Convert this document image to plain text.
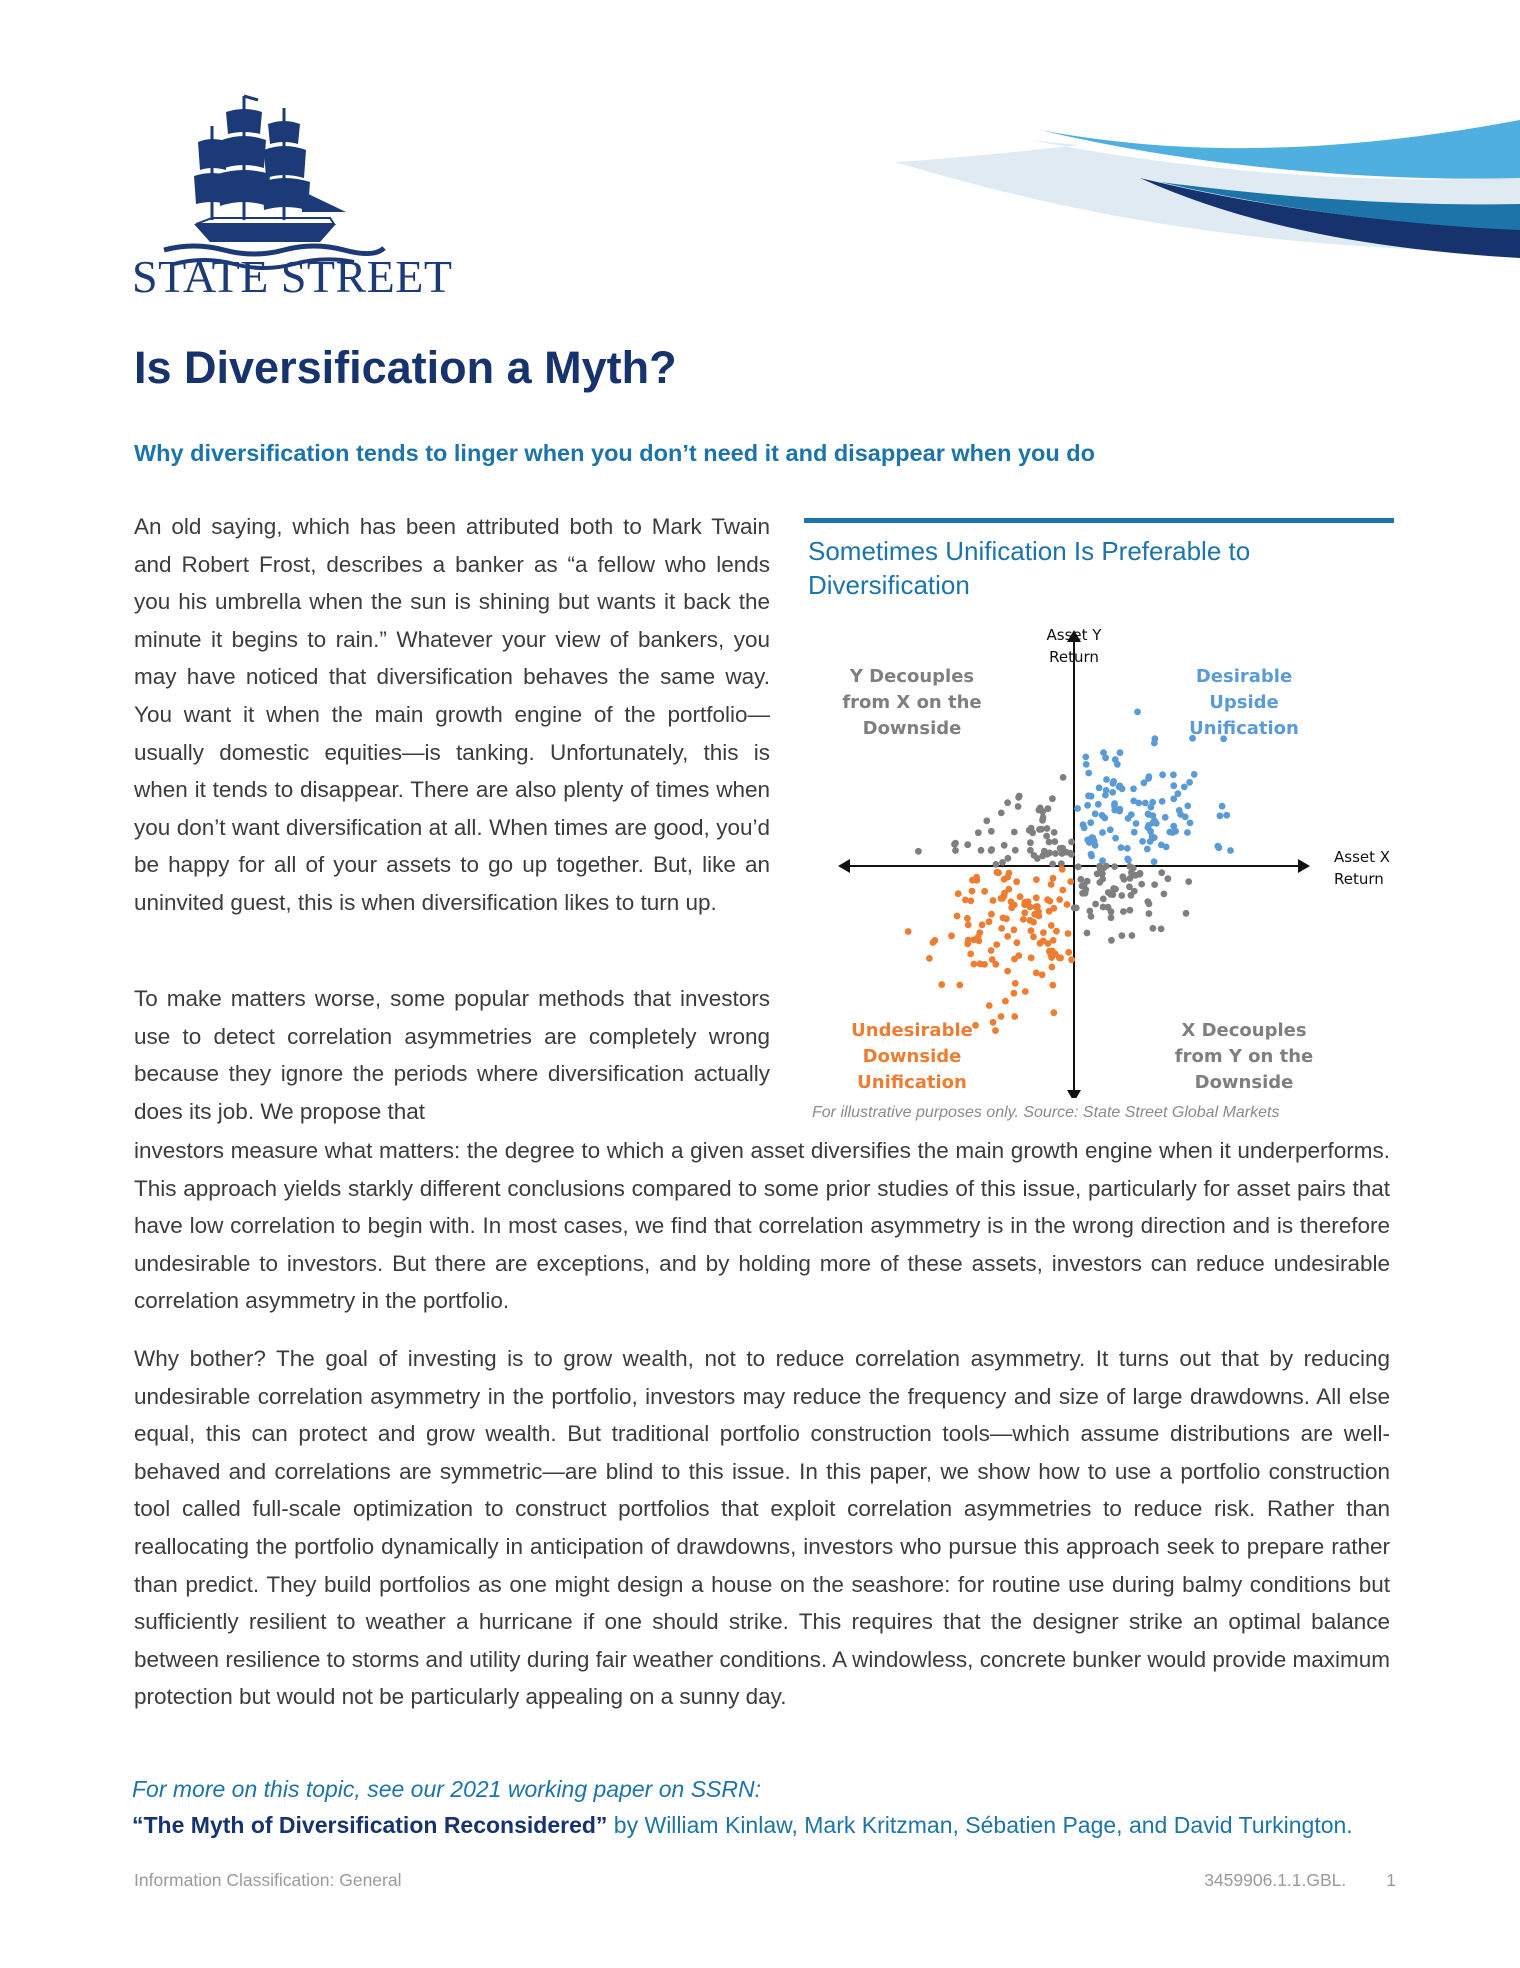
STATE STREET
Is Diversification a Myth?

Why diversification tends to linger when you don’t need it and disappear when you do

An old saying, which has been attributed both to Mark Twain and Robert Frost, describes a banker as “a fellow who lends you his umbrella when the sun is shining but wants it back the minute it begins to rain.” Whatever your view of bankers, you may have noticed that diversification behaves the same way. You want it when the main growth engine of the portfolio—usually domestic equities—is tanking. Unfortunately, this is when it tends to disappear. There are also plenty of times when you don’t want diversification at all. When times are good, you’d be happy for all of your assets to go up together. But, like an uninvited guest, this is when diversification likes to turn up.

To make matters worse, some popular methods that investors use to detect correlation asymmetries are completely wrong because they ignore the periods where diversification actually does its job. We propose that

investors measure what matters: the degree to which a given asset diversifies the main growth engine when it underperforms. This approach yields starkly different conclusions compared to some prior studies of this issue, particularly for asset pairs that have low correlation to begin with. In most cases, we find that correlation asymmetry is in the wrong direction and is therefore undesirable to investors. But there are exceptions, and by holding more of these assets, investors can reduce undesirable correlation asymmetry in the portfolio.

Why bother? The goal of investing is to grow wealth, not to reduce correlation asymmetry. It turns out that by reducing undesirable correlation asymmetry in the portfolio, investors may reduce the frequency and size of large drawdowns. All else equal, this can protect and grow wealth. But traditional portfolio construction tools—which assume distributions are well-behaved and correlations are symmetric—are blind to this issue. In this paper, we show how to use a portfolio construction tool called full-scale optimization to construct portfolios that exploit correlation asymmetries to reduce risk. Rather than reallocating the portfolio dynamically in anticipation of drawdowns, investors who pursue this approach seek to prepare rather than predict. They build portfolios as one might design a house on the seashore: for routine use during balmy conditions but sufficiently resilient to weather a hurricane if one should strike. This requires that the designer strike an optimal balance between resilience to storms and utility during fair weather conditions. A windowless, concrete bunker would provide maximum protection but would not be particularly appealing on a sunny day.

Sometimes Unification Is Preferable to Diversification

Asset Y Return
Asset X Return
Y Decouples from X on the Downside
Desirable Upside Unification
Undesirable Downside Unification
X Decouples from Y on the Downside

For illustrative purposes only. Source: State Street Global Markets

For more on this topic, see our 2021 working paper on SSRN:

“The Myth of Diversification Reconsidered” by William Kinlaw, Mark Kritzman, Sébatien Page, and David Turkington.

Information Classification: General	3459906.1.1.GBL. 1
